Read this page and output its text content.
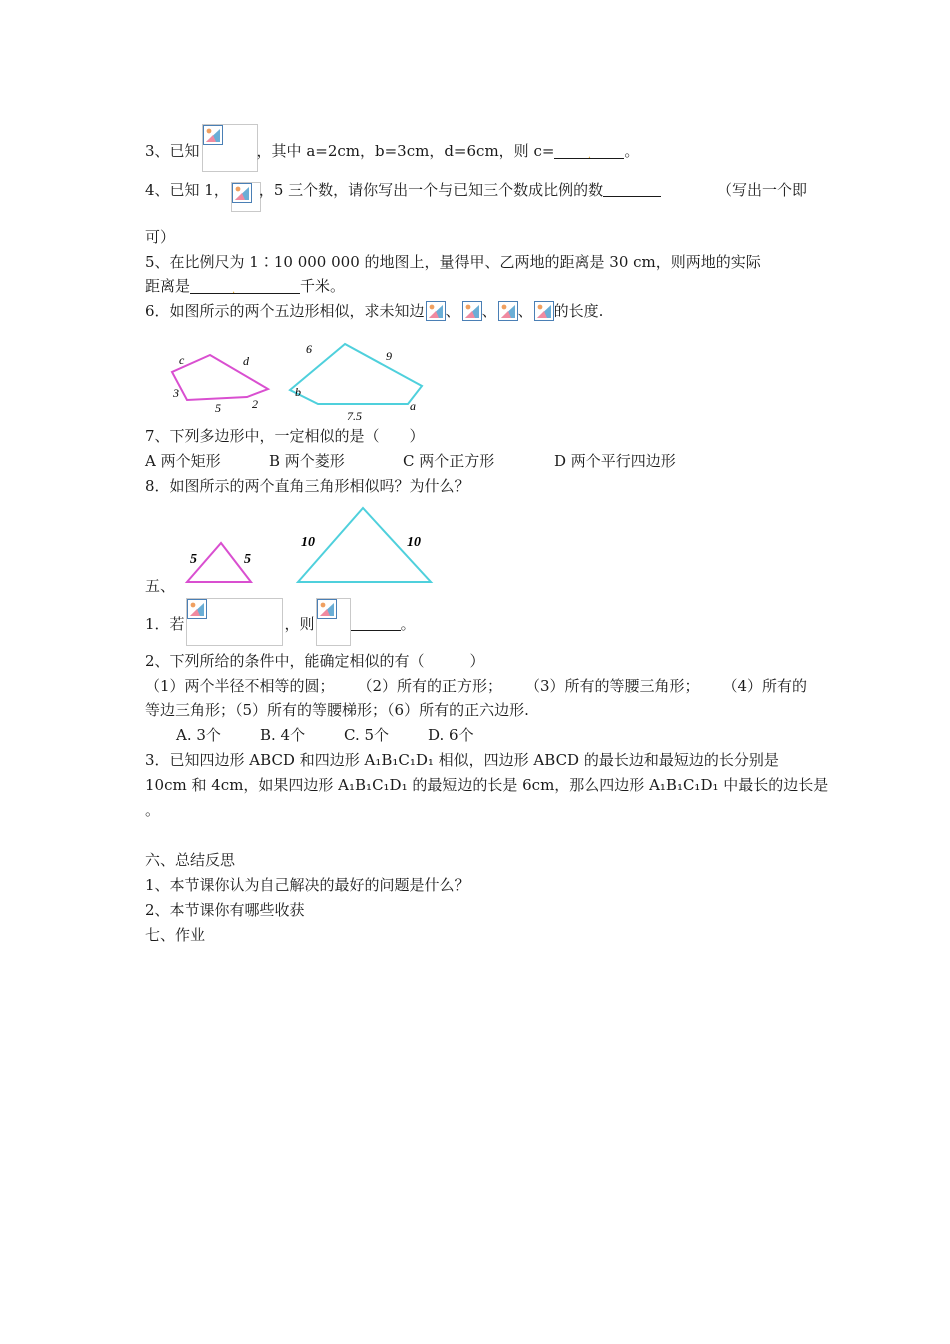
3、已知	，其中 a=2cm，b=3cm，d=6cm，则 c=	. 。
4、已知 1， ，5 三个数，请你写出一个与已知三个数成比例的数	（写出一个即
可）
5、在比例尺为 1∶10 000 000 的地图上，量得甲、乙两地的距离是 30 cm，则两地的实际
距离是	.	千米。
6．如图所示的两个五边形相似，求未知边 、 、 、 的长度.
c	d
3
5	2
6	9
b
7.5
a
7、下列多边形中，一定相似的是（　　）
A 两个矩形	B 两个菱形	C 两个正方形	D 两个平行四边形
8．如图所示的两个直角三角形相似吗？为什么？
5	5
10	10
五、
1．若	，则	。
2、下列所给的条件中，能确定相似的有（　　　）
（1）两个半径不相等的圆； （2）所有的正方形； （3）所有的等腰三角形； （4）所有的
等边三角形；（5）所有的等腰梯形；（6）所有的正六边形.
A. 3个	B. 4个	C. 5个	D. 6个
3．已知四边形 ABCD 和四边形 A₁B₁C₁D₁ 相似，四边形 ABCD 的最长边和最短边的长分别是
10cm 和 4cm，如果四边形 A₁B₁C₁D₁ 的最短边的长是 6cm，那么四边形 A₁B₁C₁D₁ 中最长的边长是
。
六、总结反思
1、本节课你认为自己解决的最好的问题是什么？
2、本节课你有哪些收获
七、作业
